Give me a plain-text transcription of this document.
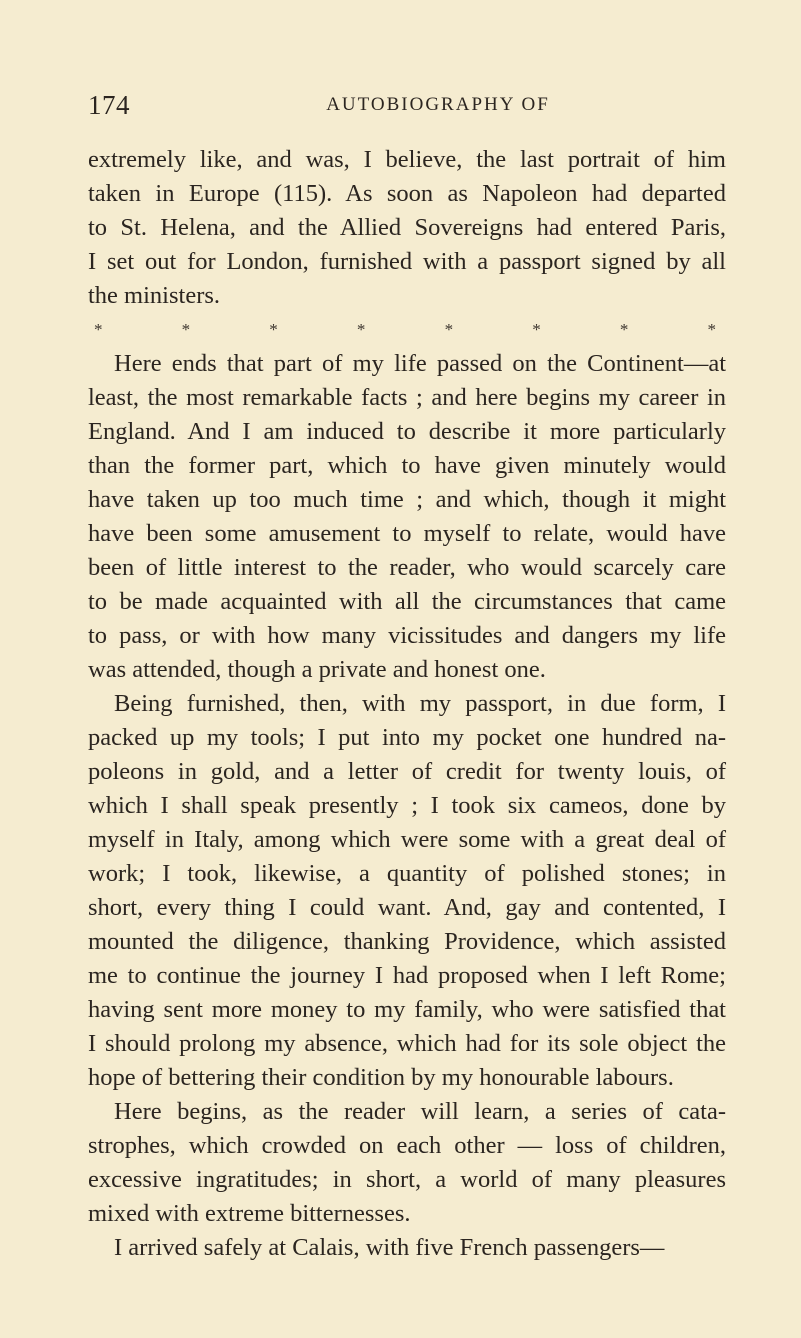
174	AUTOBIOGRAPHY OF
extremely like, and was, I believe, the last portrait of him
taken in Europe (115). As soon as Napoleon had departed
to St. Helena, and the Allied Sovereigns had entered Paris,
I set out for London, furnished with a passport signed by all
the ministers.
*	*	*	*	*	*	*	*
Here ends that part of my life passed on the Continent—at
least, the most remarkable facts ; and here begins my career in
England. And I am induced to describe it more particularly
than the former part, which to have given minutely would
have taken up too much time ; and which, though it might
have been some amusement to myself to relate, would have
been of little interest to the reader, who would scarcely care
to be made acquainted with all the circumstances that came
to pass, or with how many vicissitudes and dangers my life
was attended, though a private and honest one.
Being furnished, then, with my passport, in due form, I
packed up my tools; I put into my pocket one hundred na-
poleons in gold, and a letter of credit for twenty louis, of
which I shall speak presently ; I took six cameos, done by
myself in Italy, among which were some with a great deal of
work; I took, likewise, a quantity of polished stones; in
short, every thing I could want. And, gay and contented, I
mounted the diligence, thanking Providence, which assisted
me to continue the journey I had proposed when I left Rome;
having sent more money to my family, who were satisfied that
I should prolong my absence, which had for its sole object the
hope of bettering their condition by my honourable labours.
Here begins, as the reader will learn, a series of cata-
strophes, which crowded on each other — loss of children,
excessive ingratitudes; in short, a world of many pleasures
mixed with extreme bitternesses.
I arrived safely at Calais, with five French passengers—
